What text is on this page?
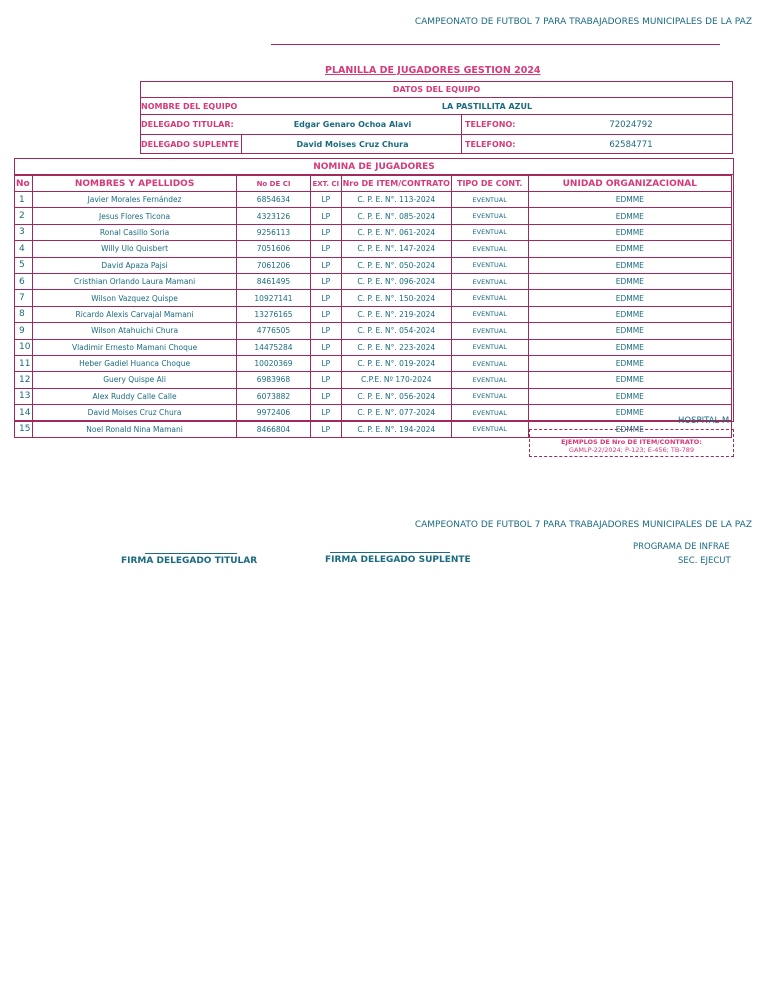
CAMPEONATO DE FUTBOL 7 PARA TRABAJADORES MUNICIPALES DE LA PAZ
PLANILLA DE JUGADORES GESTION 2024
DATOS DEL EQUIPO
NOMBRE DEL EQUIPO	LA PASTILLITA AZUL
DELEGADO TITULAR:	Edgar Genaro Ochoa Alavi	TELEFONO:	72024792
DELEGADO SUPLENTE	David Moises Cruz Chura	TELEFONO:	62584771
NOMINA DE JUGADORES
No	NOMBRES Y APELLIDOS	No DE CI	EXT. CI	Nro DE ITEM/CONTRATO	TIPO DE CONT.	UNIDAD ORGANIZACIONAL
1	Javier Morales Fernández	6854634	LP	C. P. E. N°. 113-2024	EVENTUAL	EDMME
2	Jesus Flores Ticona	4323126	LP	C. P. E. N°. 085-2024	EVENTUAL	EDMME
3	Ronal Casillo Soria	9256113	LP	C. P. E. N°. 061-2024	EVENTUAL	EDMME
4	Willy Ulo Quisbert	7051606	LP	C. P. E. N°. 147-2024	EVENTUAL	EDMME
5	David Apaza Pajsi	7061206	LP	C. P. E. N°. 050-2024	EVENTUAL	EDMME
6	Cristhian Orlando Laura Mamani	8461495	LP	C. P. E. N°. 096-2024	EVENTUAL	EDMME
7	Wilson Vazquez Quispe	10927141	LP	C. P. E. N°. 150-2024	EVENTUAL	EDMME
8	Ricardo Alexis Carvajal Mamani	13276165	LP	C. P. E. N°. 219-2024	EVENTUAL	EDMME
9	Wilson Atahuichi Chura	4776505	LP	C. P. E. N°. 054-2024	EVENTUAL	EDMME
10	Vladimir Ernesto Mamani Choque	14475284	LP	C. P. E. N°. 223-2024	EVENTUAL	EDMME
11	Heber Gadiel Huanca Choque	10020369	LP	C. P. E. N°. 019-2024	EVENTUAL	EDMME
12	Guery Quispe Ali	6983968	LP	C.P.E. Nº 170-2024	EVENTUAL	EDMME
13	Alex Ruddy Calle Calle	6073882	LP	C. P. E. N°. 056-2024	EVENTUAL	EDMME
14	David Moises Cruz Chura	9972406	LP	C. P. E. N°. 077-2024	EVENTUAL	EDMME
15	Noel Ronald Nina Mamani	8466804	LP	C. P. E. N°. 194-2024	EVENTUAL	EDMME
HOSPITAL M
EJEMPLOS DE Nro DE ITEM/CONTRATO:
GAMLP-22/2024; P-123; E-456; TB-789
CAMPEONATO DE FUTBOL 7 PARA TRABAJADORES MUNICIPALES DE LA PAZ
PROGRAMA DE INFRAE
SEC. EJECUT
FIRMA DELEGADO TITULAR	FIRMA DELEGADO SUPLENTE
